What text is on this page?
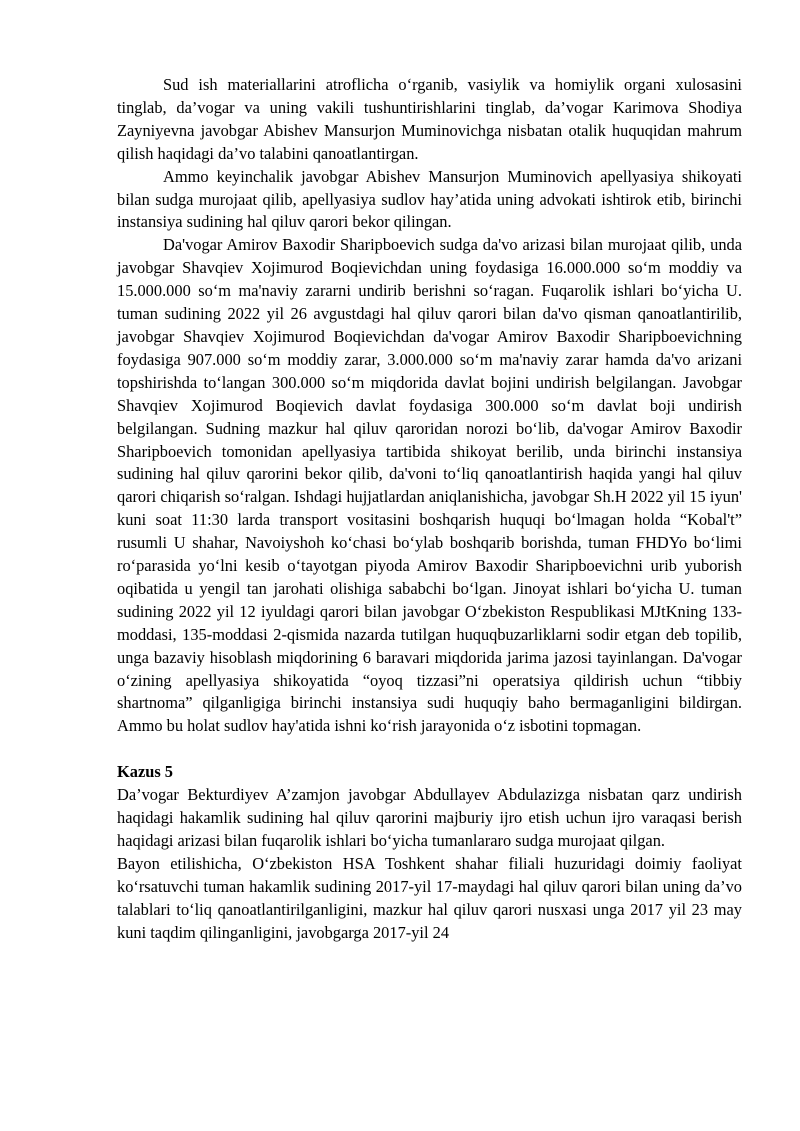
Sud ish materiallarini atroflicha o‘rganib, vasiylik va homiylik organi xulosasini tinglab, da’vogar va uning vakili tushuntirishlarini tinglab, da’vogar Karimova Shodiya Zayniyevna javobgar Abishev Mansurjon Muminovichga nisbatan otalik huquqidan mahrum qilish haqidagi da’vo talabini qanoatlantirgan.

Ammo keyinchalik javobgar Abishev Mansurjon Muminovich apellyasiya shikoyati bilan sudga murojaat qilib, apellyasiya sudlov hay’atida uning advokati ishtirok etib, birinchi instansiya sudining hal qiluv qarori bekor qilingan.

Da'vogar Amirov Baxodir Sharipboevich sudga da'vo arizasi bilan murojaat qilib, unda javobgar Shavqiev Xojimurod Boqievichdan uning foydasiga 16.000.000 so‘m moddiy va 15.000.000 so‘m ma'naviy zararni undirib berishni so‘ragan. Fuqarolik ishlari bo‘yicha U. tuman sudining 2022 yil 26 avgustdagi hal qiluv qarori bilan da'vo qisman qanoatlantirilib, javobgar Shavqiev Xojimurod Boqievichdan da'vogar Amirov Baxodir Sharipboevichning foydasiga 907.000 so‘m moddiy zarar, 3.000.000 so‘m ma'naviy zarar hamda da'vo arizani topshirishda to‘langan 300.000 so‘m miqdorida davlat bojini undirish belgilangan. Javobgar Shavqiev Xojimurod Boqievich davlat foydasiga 300.000 so‘m davlat boji undirish belgilangan. Sudning mazkur hal qiluv qaroridan norozi bo‘lib, da'vogar Amirov Baxodir Sharipboevich tomonidan apellyasiya tartibida shikoyat berilib, unda birinchi instansiya sudining hal qiluv qarorini bekor qilib, da'voni to‘liq qanoatlantirish haqida yangi hal qiluv qarori chiqarish so‘ralgan. Ishdagi hujjatlardan aniqlanishicha, javobgar Sh.H 2022 yil 15 iyun' kuni soat 11:30 larda transport vositasini boshqarish huquqi bo‘lmagan holda “Kobal't” rusumli U shahar, Navoiyshoh ko‘chasi bo‘ylab boshqarib borishda, tuman FHDYo bo‘limi ro‘parasida yo‘lni kesib o‘tayotgan piyoda Amirov Baxodir Sharipboevichni urib yuborish oqibatida u yengil tan jarohati olishiga sababchi bo‘lgan. Jinoyat ishlari bo‘yicha U. tuman sudining 2022 yil 12 iyuldagi qarori bilan javobgar O‘zbekiston Respublikasi MJtKning 133-moddasi, 135-moddasi 2-qismida nazarda tutilgan huquqbuzarliklarni sodir etgan deb topilib, unga bazaviy hisoblash miqdorining 6 baravari miqdorida jarima jazosi tayinlangan. Da'vogar o‘zining apellyasiya shikoyatida “oyoq tizzasi”ni operatsiya qildirish uchun “tibbiy shartnoma” qilganligiga birinchi instansiya sudi huquqiy baho bermaganligini bildirgan. Ammo bu holat sudlov hay'atida ishni ko‘rish jarayonida o‘z isbotini topmagan.

Kazus 5

Da’vogar Bekturdiyev A’zamjon javobgar Abdullayev Abdulazizga nisbatan qarz undirish haqidagi hakamlik sudining hal qiluv qarorini majburiy ijro etish uchun ijro varaqasi berish haqidagi arizasi bilan fuqarolik ishlari bo‘yicha tumanlararo sudga murojaat qilgan.

Bayon etilishicha, O‘zbekiston HSA Toshkent shahar filiali huzuridagi doimiy faoliyat ko‘rsatuvchi tuman hakamlik sudining 2017-yil 17-maydagi hal qiluv qarori bilan uning da’vo talablari to‘liq qanoatlantirilganligini, mazkur hal qiluv qarori nusxasi unga 2017 yil 23 may kuni taqdim qilinganligini, javobgarga 2017-yil 24
